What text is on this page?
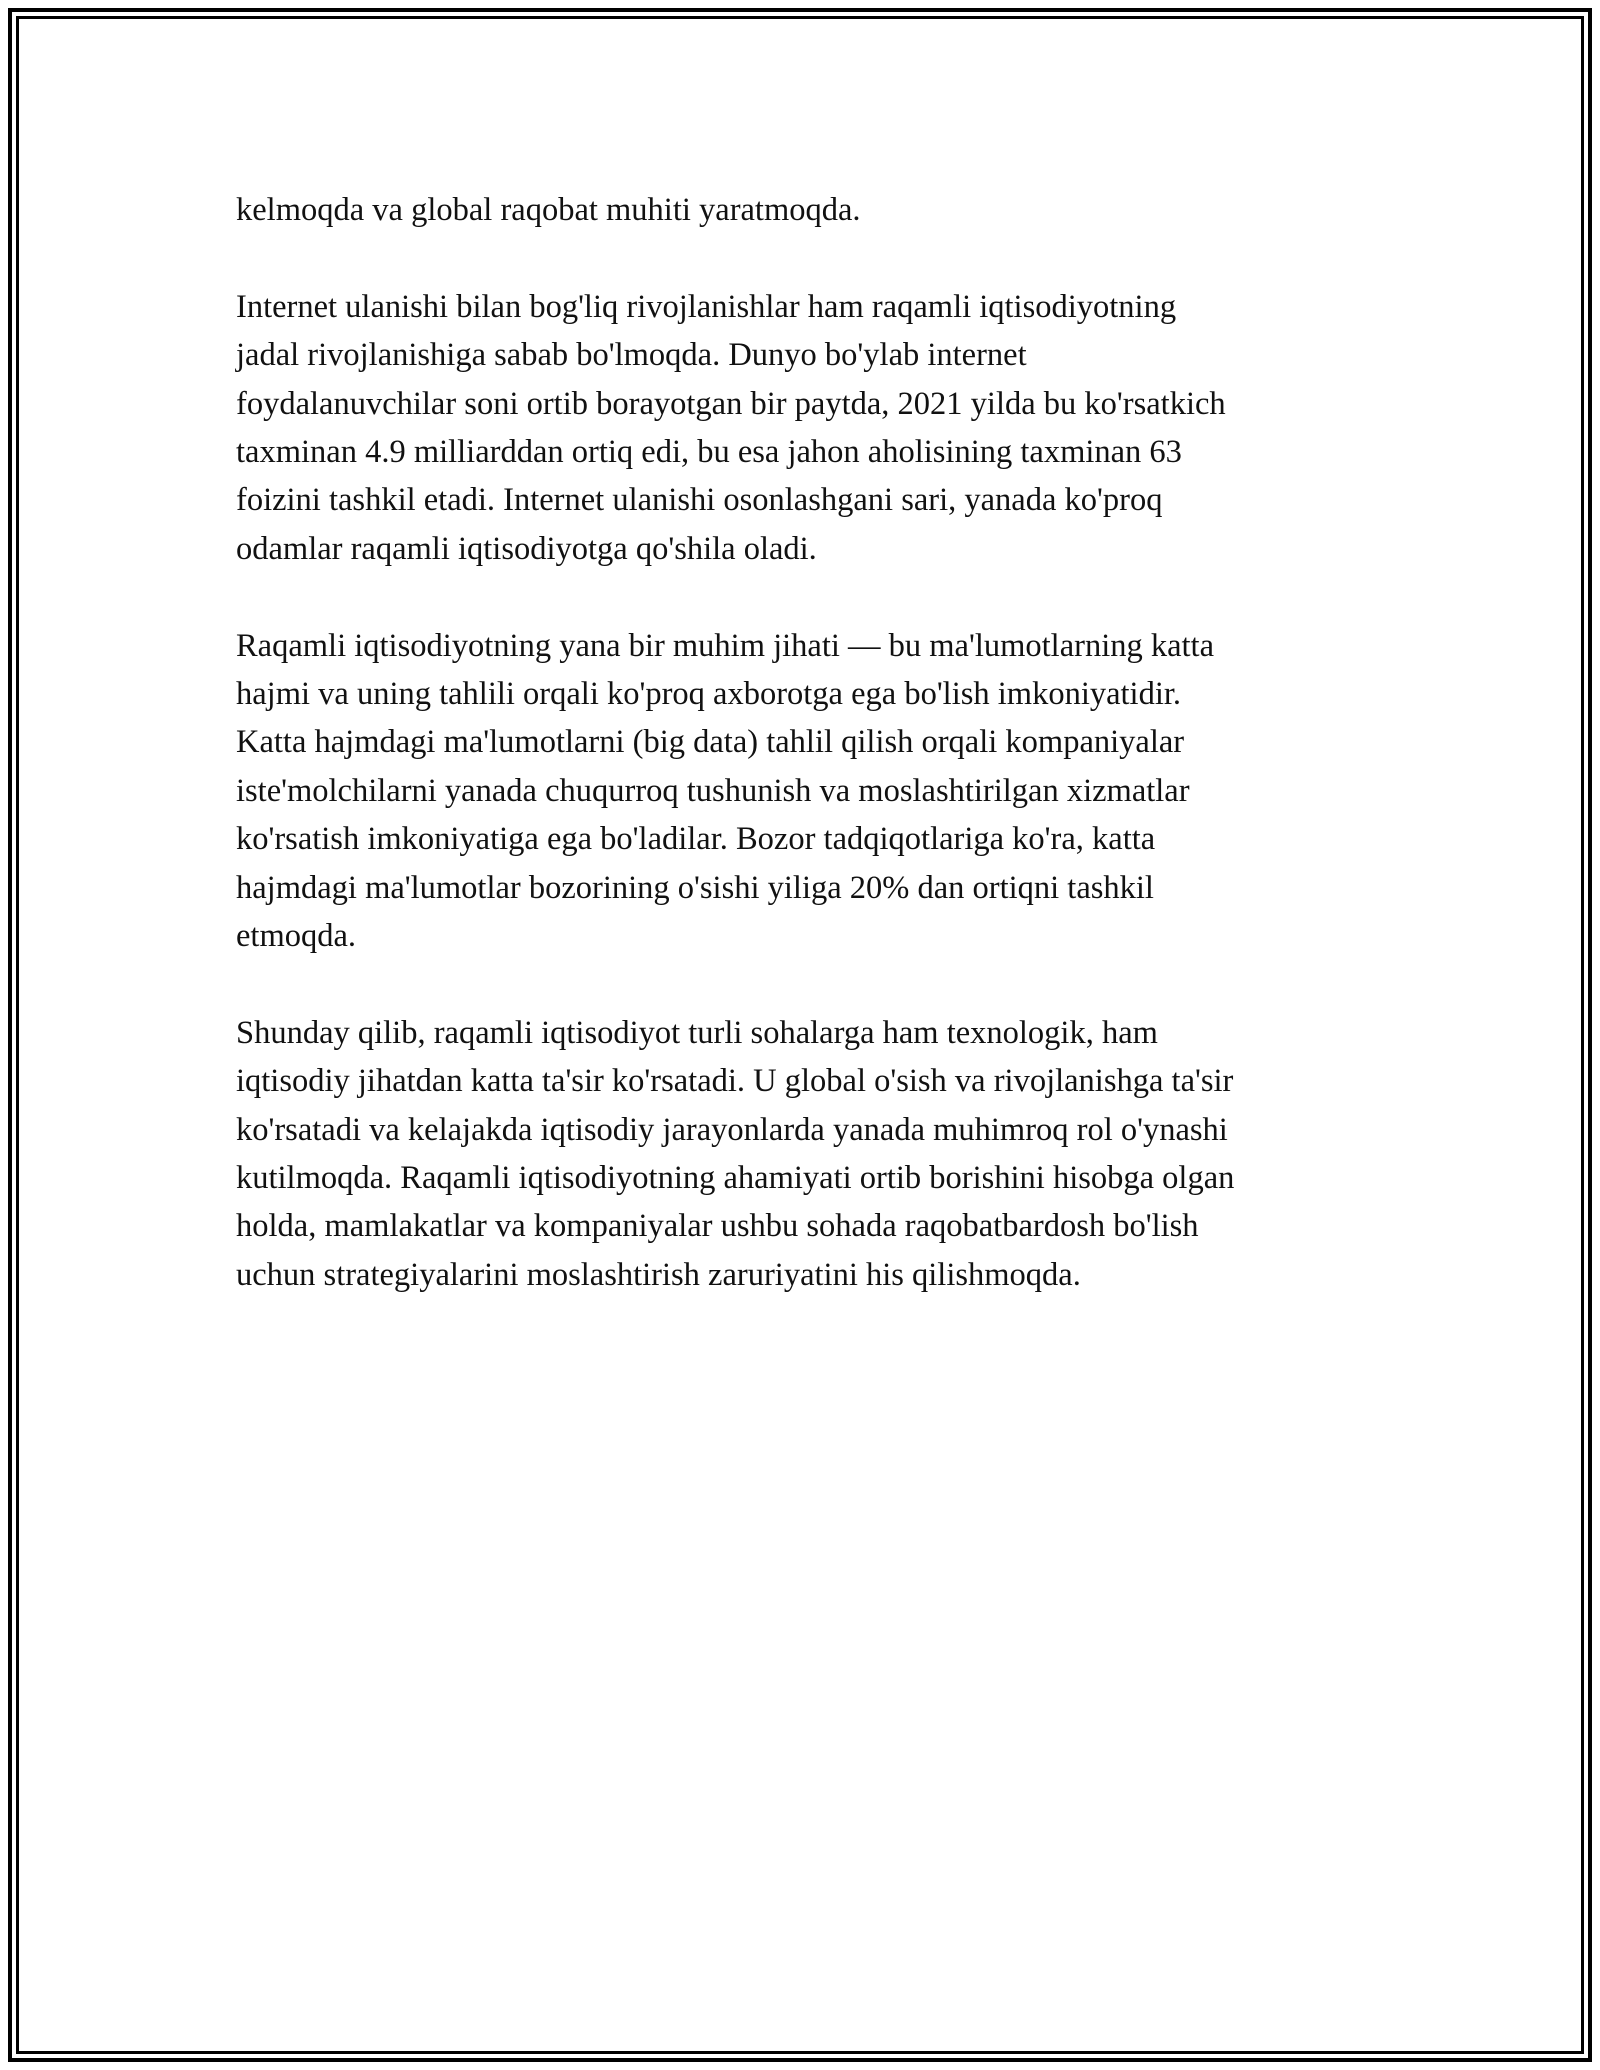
kelmoqda va global raqobat muhiti yaratmoqda.
Internet ulanishi bilan bog'liq rivojlanishlar ham raqamli iqtisodiyotning
jadal rivojlanishiga sabab bo'lmoqda. Dunyo bo'ylab internet
foydalanuvchilar soni ortib borayotgan bir paytda, 2021 yilda bu ko'rsatkich
taxminan 4.9 milliarddan ortiq edi, bu esa jahon aholisining taxminan 63
foizini tashkil etadi. Internet ulanishi osonlashgani sari, yanada ko'proq
odamlar raqamli iqtisodiyotga qo'shila oladi.
Raqamli iqtisodiyotning yana bir muhim jihati — bu ma'lumotlarning katta
hajmi va uning tahlili orqali ko'proq axborotga ega bo'lish imkoniyatidir.
Katta hajmdagi ma'lumotlarni (big data) tahlil qilish orqali kompaniyalar
iste'molchilarni yanada chuqurroq tushunish va moslashtirilgan xizmatlar
ko'rsatish imkoniyatiga ega bo'ladilar. Bozor tadqiqotlariga ko'ra, katta
hajmdagi ma'lumotlar bozorining o'sishi yiliga 20% dan ortiqni tashkil
etmoqda.
Shunday qilib, raqamli iqtisodiyot turli sohalarga ham texnologik, ham
iqtisodiy jihatdan katta ta'sir ko'rsatadi. U global o'sish va rivojlanishga ta'sir
ko'rsatadi va kelajakda iqtisodiy jarayonlarda yanada muhimroq rol o'ynashi
kutilmoqda. Raqamli iqtisodiyotning ahamiyati ortib borishini hisobga olgan
holda, mamlakatlar va kompaniyalar ushbu sohada raqobatbardosh bo'lish
uchun strategiyalarini moslashtirish zaruriyatini his qilishmoqda.
